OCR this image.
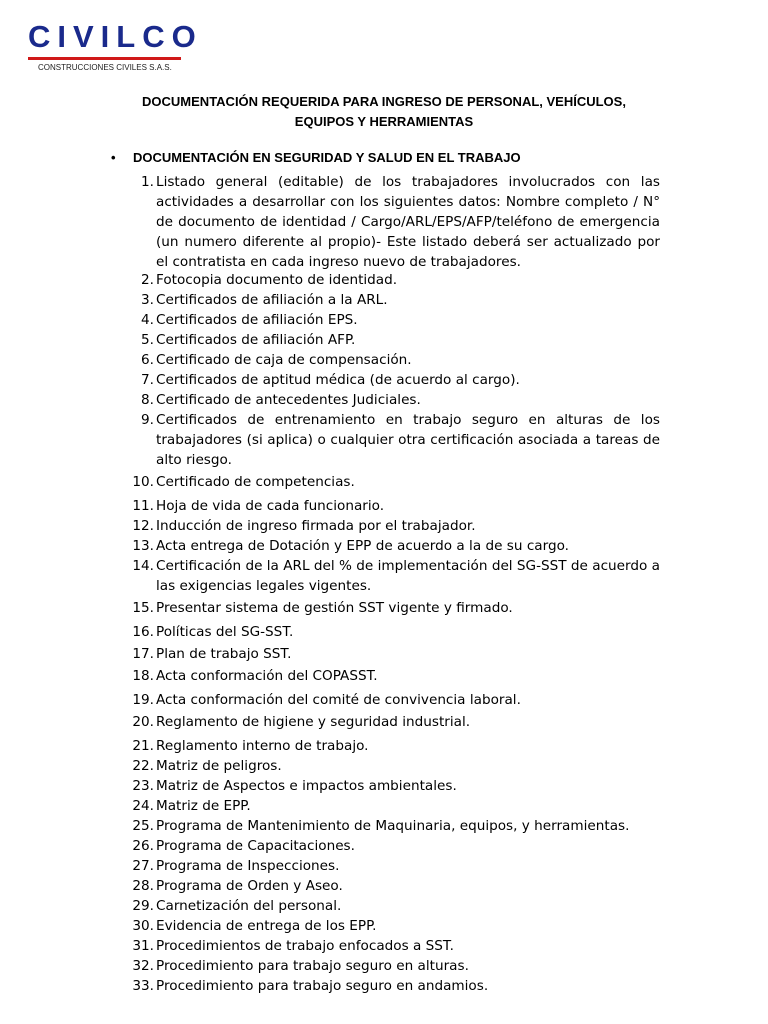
CIVILCO
CONSTRUCCIONES CIVILES S.A.S.
DOCUMENTACIÓN REQUERIDA PARA INGRESO DE PERSONAL, VEHÍCULOS,
EQUIPOS Y HERRAMIENTAS
• DOCUMENTACIÓN EN SEGURIDAD Y SALUD EN EL TRABAJO
1. Listado general (editable) de los trabajadores involucrados con las actividades a desarrollar con los siguientes datos: Nombre completo / N° de documento de identidad / Cargo/ARL/EPS/AFP/teléfono de emergencia (un numero diferente al propio)- Este listado deberá ser actualizado por el contratista en cada ingreso nuevo de trabajadores.
2. Fotocopia documento de identidad.
3. Certificados de afiliación a la ARL.
4. Certificados de afiliación EPS.
5. Certificados de afiliación AFP.
6. Certificado de caja de compensación.
7. Certificados de aptitud médica (de acuerdo al cargo).
8. Certificado de antecedentes Judiciales.
9. Certificados de entrenamiento en trabajo seguro en alturas de los trabajadores (si aplica) o cualquier otra certificación asociada a tareas de alto riesgo.
10. Certificado de competencias.
11. Hoja de vida de cada funcionario.
12. Inducción de ingreso firmada por el trabajador.
13. Acta entrega de Dotación y EPP de acuerdo a la de su cargo.
14. Certificación de la ARL del % de implementación del SG-SST de acuerdo a las exigencias legales vigentes.
15. Presentar sistema de gestión SST vigente y firmado.
16. Políticas del SG-SST.
17. Plan de trabajo SST.
18. Acta conformación del COPASST.
19. Acta conformación del comité de convivencia laboral.
20. Reglamento de higiene y seguridad industrial.
21. Reglamento interno de trabajo.
22. Matriz de peligros.
23. Matriz de Aspectos e impactos ambientales.
24. Matriz de EPP.
25. Programa de Mantenimiento de Maquinaria, equipos, y herramientas.
26. Programa de Capacitaciones.
27. Programa de Inspecciones.
28. Programa de Orden y Aseo.
29. Carnetización del personal.
30. Evidencia de entrega de los EPP.
31. Procedimientos de trabajo enfocados a SST.
32. Procedimiento para trabajo seguro en alturas.
33. Procedimiento para trabajo seguro en andamios.
